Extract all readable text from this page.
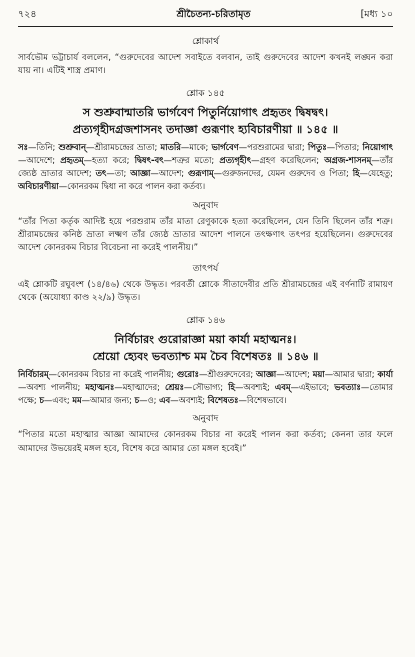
৭২৪	শ্রীচৈতন্য-চরিতামৃত	[মধ্য ১০
শ্লোকার্থ

সার্বভৌম ভট্টাচার্য বললেন, “গুরুদেবের আদেশ সবাইতে বলবান, তাই গুরুদেবের আদেশ কখনই লঙ্ঘন করা যায় না। এটিই শাস্ত্র প্রমাণ।

শ্লোক ১৪৫

স শুশ্রুবান্মাতরি ভার্গবেণ পিতুর্নিয়োগাৎ প্রহৃতং দ্বিষদ্বৎ।

প্রত্যগৃহীদগ্রজশাসনং তদাজ্ঞা গুরূণাং হ্যবিচারণীয়া ॥ ১৪৫ ॥

সঃ—তিনি; শুশ্রুবান্—শ্রীরামচন্দ্রের ভ্রাতা; মাতরি—মাকে; ভার্গবেণ—পরশুরামের দ্বারা; পিতুঃ—পিতার; নিয়োগাৎ—আদেশে; প্রহৃতম্—হত্যা করে; দ্বিষৎ-বৎ—শত্রুর মতো; প্রত্যগৃহীৎ—গ্রহণ করেছিলেন; অগ্রজ-শাসনম্—তাঁর জ্যেষ্ঠ ভ্রাতার আদেশ; তৎ—তা; আজ্ঞা—আদেশ; গুরূণাম্—গুরুজনদের, যেমন গুরুদেব ও পিতা; হি—যেহেতু; অবিচারণীয়া—কোনরকম দ্বিধা না করে পালন করা কর্তব্য।

অনুবাদ

“তাঁর পিতা কর্তৃক আদিষ্ট হয়ে পরশুরাম তাঁর মাতা রেণুকাকে হত্যা করেছিলেন, যেন তিনি ছিলেন তাঁর শত্রু। শ্রীরামচন্দ্রের কনিষ্ঠ ভ্রাতা লক্ষ্মণ তাঁর জ্যেষ্ঠ ভ্রাতার আদেশ পালনে তৎক্ষণাৎ তৎপর হয়েছিলেন। গুরুদেবের আদেশ কোনরকম বিচার বিবেচনা না করেই পালনীয়।”

তাৎপর্য

এই শ্লোকটি রঘুবংশ (১৪/৪৬) থেকে উদ্ধৃত। পরবর্তী শ্লোকে সীতাদেবীর প্রতি শ্রীরামচন্দ্রের এই বর্ণনাটি রামায়ণ থেকে (অযোধ্যা কাণ্ড ২২/৯) উদ্ধৃত।

শ্লোক ১৪৬

নির্বিচারং গুরোরাজ্ঞা ময়া কার্যা মহাত্মনঃ।

শ্রেয়ো হ্যেবং ভবত্যাশ্চ মম চৈব বিশেষতঃ ॥ ১৪৬ ॥

নির্বিচারম্—কোনরকম বিচার না করেই পালনীয়; গুরোঃ—শ্রীগুরুদেবের; আজ্ঞা—আদেশ; ময়া—আমার দ্বারা; কার্যা—অবশ্য পালনীয়; মহাত্মনঃ—মহাত্মাদের; শ্রেয়ঃ—সৌভাগ্য; হি—অবশ্যই; এবম্—এইভাবে; ভবত্যাঃ—তোমার পক্ষে; চ—এবং; মম—আমার জন্য; চ—ও; এব—অবশ্যই; বিশেষতঃ—বিশেষভাবে।

অনুবাদ

“পিতার মতো মহাত্মার আজ্ঞা আমাদের কোনরকম বিচার না করেই পালন করা কর্তব্য; কেননা তার ফলে আমাদের উভয়েরই মঙ্গল হবে, বিশেষ করে আমার তো মঙ্গল হবেই।”
